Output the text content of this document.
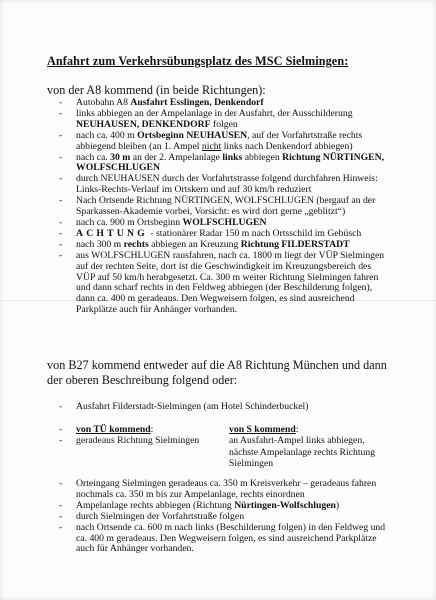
Anfahrt zum Verkehrsübungsplatz des MSC Sielmingen:
von der A8 kommend (in beide Richtungen):
- Autobahn A8 Ausfahrt Esslingen, Denkendorf
- links abbiegen an der Ampelanlage in der Ausfahrt, der Ausschilderung NEUHAUSEN, DENKENDORF folgen
- nach ca. 400 m Ortsbeginn NEUHAUSEN, auf der Vorfahrtstraße rechts abbiegend bleiben (an 1. Ampel nicht links nach Denkendorf abbiegen)
- nach ca. 30 m an der 2. Ampelanlage links abbiegen Richtung NÜRTINGEN, WOLFSCHLUGEN
- durch NEUHAUSEN durch der Vorfahrtstrasse folgend durchfahren Hinweis: Links-Rechts-Verlauf im Ortskern und auf 30 km/h reduziert
- Nach Ortsende Richtung NÜRTINGEN, WOLFSCHLUGEN (bergauf an der Sparkassen-Akademie vorbei, Vorsicht: es wird dort gerne „geblitzt“)
- nach ca. 900 m Ortsbeginn WOLFSCHLUGEN
- ACHTUNG - stationärer Radar 150 m nach Ortsschild im Gebüsch
- nach 300 m rechts abbiegen an Kreuzung Richtung FILDERSTADT
- aus WOLFSCHLUGEN rausfahren, nach ca. 1800 m liegt der VÜP Sielmingen auf der rechten Seite, dort ist die Geschwindigkeit im Kreuzungsbereich des VÜP auf 50 km/h herabgesetzt. Ca. 300 m weiter Richtung Sielmingen fahren und dann scharf rechts in den Feldweg abbiegen (der Beschilderung folgen), dann ca. 400 m geradeaus. Den Wegweisern folgen, es sind ausreichend Parkplätze auch für Anhänger vorhanden.
von B27 kommend entweder auf die A8 Richtung München und dann
der oberen Beschreibung folgend oder:
- Ausfahrt Filderstadt-Sielmingen (am Hotel Schinderbuckel)
- von TÜ kommend:
- geradeaus Richtung Sielmingen
von S kommend:
an Ausfahrt-Ampel links abbiegen, nächste Ampelanlage rechts Richtung Sielmingen
- Orteingang Sielmingen geradeaus ca. 350 m Kreisverkehr – geradeaus fahren nochmals ca. 350 m bis zur Ampelanlage, rechts einordnen
- Ampelanlage rechts abbiegen (Richtung Nürtingen-Wolfschlugen)
- durch Sielmingen der Vorfahrtstraße folgen
- nach Ortsende ca. 600 m nach links (Beschilderung folgen) in den Feldweg und ca. 400 m geradeaus. Den Wegweisern folgen, es sind ausreichend Parkplätze auch für Anhänger vorhanden.
